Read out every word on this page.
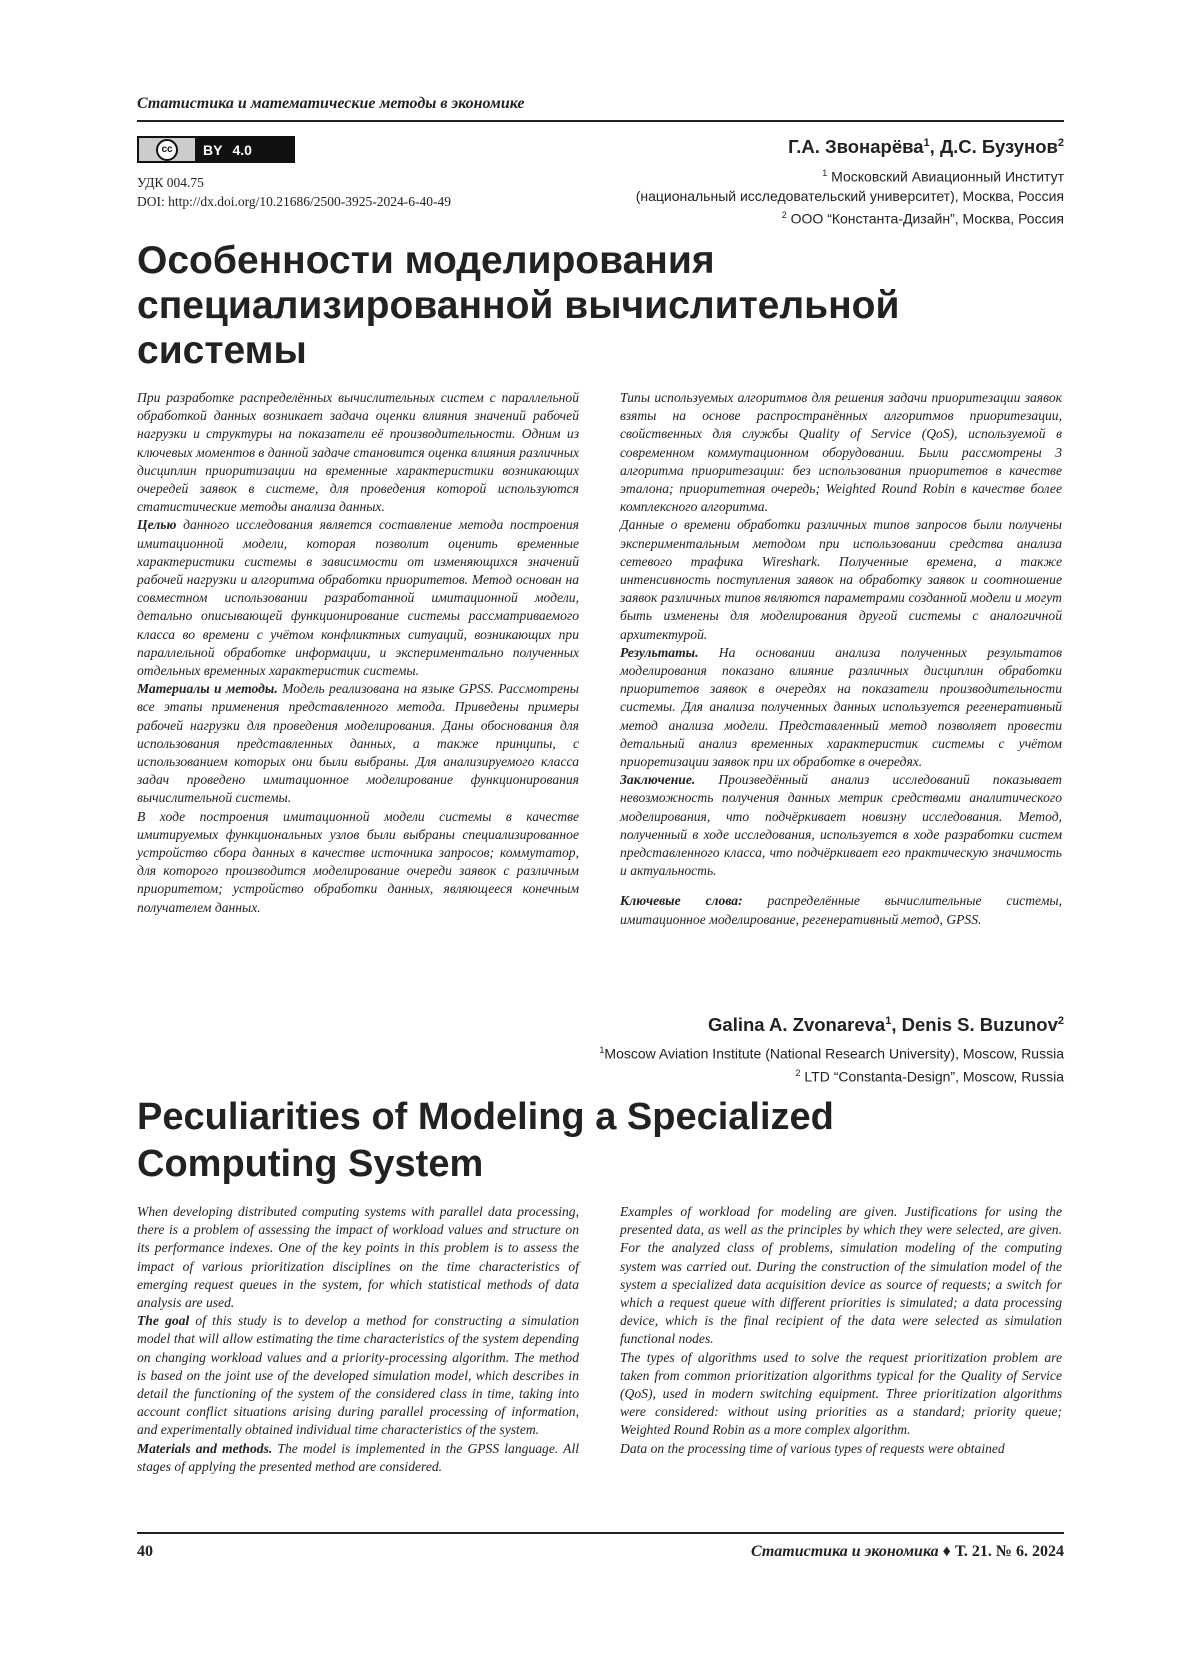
Статистика и математические методы в экономике
cc	BY 4.0
УДК 004.75
DOI: http://dx.doi.org/10.21686/2500-3925-2024-6-40-49
Г.А. Звонарёва$^1$, Д.С. Бузунов$^2$
$^1$ Московский Авиационный Институт
(национальный исследовательский университет), Москва, Россия
$^2$ ООО “Константа-Дизайн”, Москва, Россия
Особенности моделирования
специализированной вычислительной
системы

При разработке распределённых вычислительных систем с параллельной обработкой данных возникает задача оценки влияния значений рабочей нагрузки и структуры на показатели её производительности. Одним из ключевых моментов в данной задаче становится оценка влияния различных дисциплин приоритизации на временные характеристики возникающих очередей заявок в системе, для проведения которой используются статистические методы анализа данных.

Целью данного исследования является составление метода построения имитационной модели, которая позволит оценить временные характеристики системы в зависимости от изменяющихся значений рабочей нагрузки и алгоритма обработки приоритетов. Метод основан на совместном использовании разработанной имитационной модели, детально описывающей функционирование системы рассматриваемого класса во времени с учётом конфликтных ситуаций, возникающих при параллельной обработке информации, и экспериментально полученных отдельных временных характеристик системы.

Материалы и методы. Модель реализована на языке GPSS. Рассмотрены все этапы применения представленного метода. Приведены примеры рабочей нагрузки для проведения моделирования. Даны обоснования для использования представленных данных, а также принципы, с использованием которых они были выбраны. Для анализируемого класса задач проведено имитационное моделирование функционирования вычислительной системы.

В ходе построения имитационной модели системы в качестве имитируемых функциональных узлов были выбраны специализированное устройство сбора данных в качестве источника запросов; коммутатор, для которого производится моделирование очереди заявок с различным приоритетом; устройство обработки данных, являющееся конечным получателем данных.

Типы используемых алгоритмов для решения задачи приоритезации заявок взяты на основе распространённых алгоритмов приоритезации, свойственных для службы Quality of Service (QoS), используемой в современном коммутационном оборудовании. Были рассмотрены 3 алгоритма приоритезации: без использования приоритетов в качестве эталона; приоритетная очередь; Weighted Round Robin в качестве более комплексного алгоритма.

Данные о времени обработки различных типов запросов были получены экспериментальным методом при использовании средства анализа сетевого трафика Wireshark. Полученные времена, а также интенсивность поступления заявок на обработку заявок и соотношение заявок различных типов являются параметрами созданной модели и могут быть изменены для моделирования другой системы с аналогичной архитектурой.

Результаты. На основании анализа полученных результатов моделирования показано влияние различных дисциплин обработки приоритетов заявок в очередях на показатели производительности системы. Для анализа полученных данных используется регенеративный метод анализа модели. Представленный метод позволяет провести детальный анализ временных характеристик системы с учётом приоретизации заявок при их обработке в очередях.

Заключение. Произведённый анализ исследований показывает невозможность получения данных метрик средствами аналитического моделирования, что подчёркивает новизну исследования. Метод, полученный в ходе исследования, используется в ходе разработки систем представленного класса, что подчёркивает его практическую значимость и актуальность.

Ключевые слова: распределённые вычислительные системы, имитационное моделирование, регенеративный метод, GPSS.

Galina A. Zvonareva$^1$, Denis S. Buzunov$^2$
$^1$Moscow Aviation Institute (National Research University), Moscow, Russia
$^2$ LTD “Constanta-Design”, Moscow, Russia
Peculiarities of Modeling a Specialized
Computing System

When developing distributed computing systems with parallel data processing, there is a problem of assessing the impact of workload values and structure on its performance indexes. One of the key points in this problem is to assess the impact of various prioritization disciplines on the time characteristics of emerging request queues in the system, for which statistical methods of data analysis are used.

The goal of this study is to develop a method for constructing a simulation model that will allow estimating the time characteristics of the system depending on changing workload values and a priority-processing algorithm. The method is based on the joint use of the developed simulation model, which describes in detail the functioning of the system of the considered class in time, taking into account conflict situations arising during parallel processing of information, and experimentally obtained individual time characteristics of the system.

Materials and methods. The model is implemented in the GPSS language. All stages of applying the presented method are considered.

Examples of workload for modeling are given. Justifications for using the presented data, as well as the principles by which they were selected, are given. For the analyzed class of problems, simulation modeling of the computing system was carried out. During the construction of the simulation model of the system a specialized data acquisition device as source of requests; a switch for which a request queue with different priorities is simulated; a data processing device, which is the final recipient of the data were selected as simulation functional nodes.

The types of algorithms used to solve the request prioritization problem are taken from common prioritization algorithms typical for the Quality of Service (QoS), used in modern switching equipment. Three prioritization algorithms were considered: without using priorities as a standard; priority queue; Weighted Round Robin as a more complex algorithm.

Data on the processing time of various types of requests were obtained

40	Статистика и экономика ♦ Т. 21. № 6. 2024
